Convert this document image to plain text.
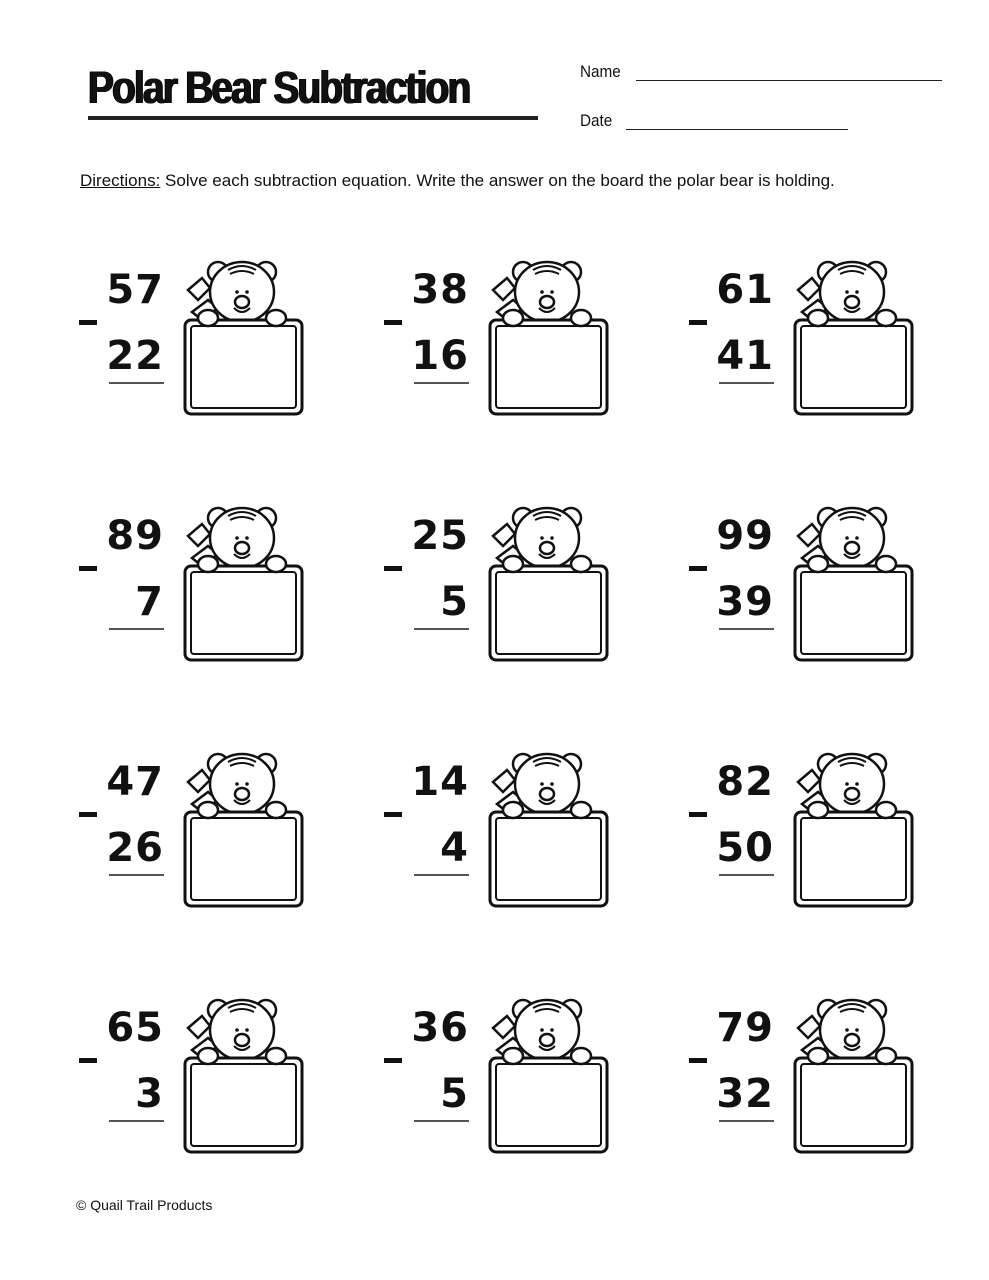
Polar Bear Subtraction	Name
Date
Directions: Solve each subtraction equation. Write the answer on the board the polar bear is holding.
57
22
38
16
61
41
89
7
25
5
99
39
47
26
14
4
82
50
65
3
36
5
79
32
© Quail Trail Products
